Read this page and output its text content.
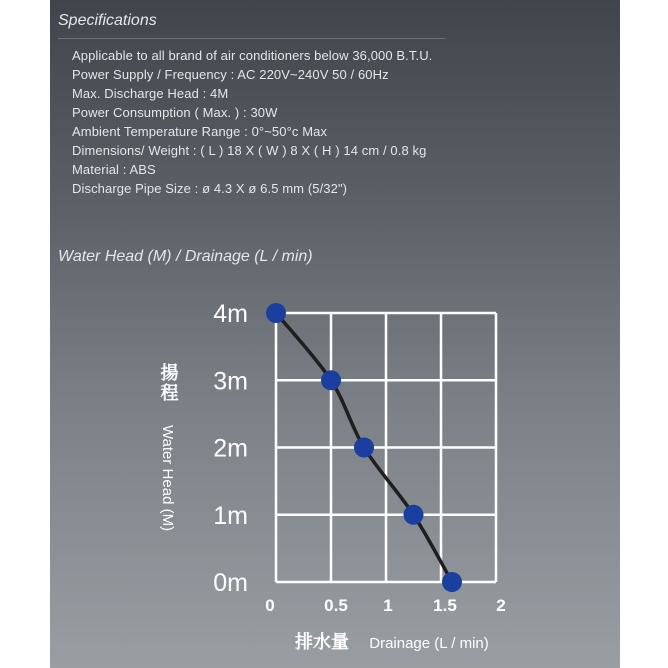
Specifications
Applicable to all brand of air conditioners below 36,000 B.T.U.
Power Supply / Frequency : AC 220V~240V 50 / 60Hz
Max. Discharge Head : 4M
Power Consumption ( Max. ) : 30W
Ambient Temperature Range : 0°~50°c Max
Dimensions/ Weight : ( L ) 18 X ( W ) 8 X ( H ) 14 cm / 0.8 kg
Material : ABS
Discharge Pipe Size : ø 4.3 X ø 6.5 mm (5/32")
Water Head (M) / Drainage (L / min)
0	0.5 1 1.5 2
0m
1m
2m
3m
4m
揚程
Water Head (M)
排水量 Drainage (L / min)
